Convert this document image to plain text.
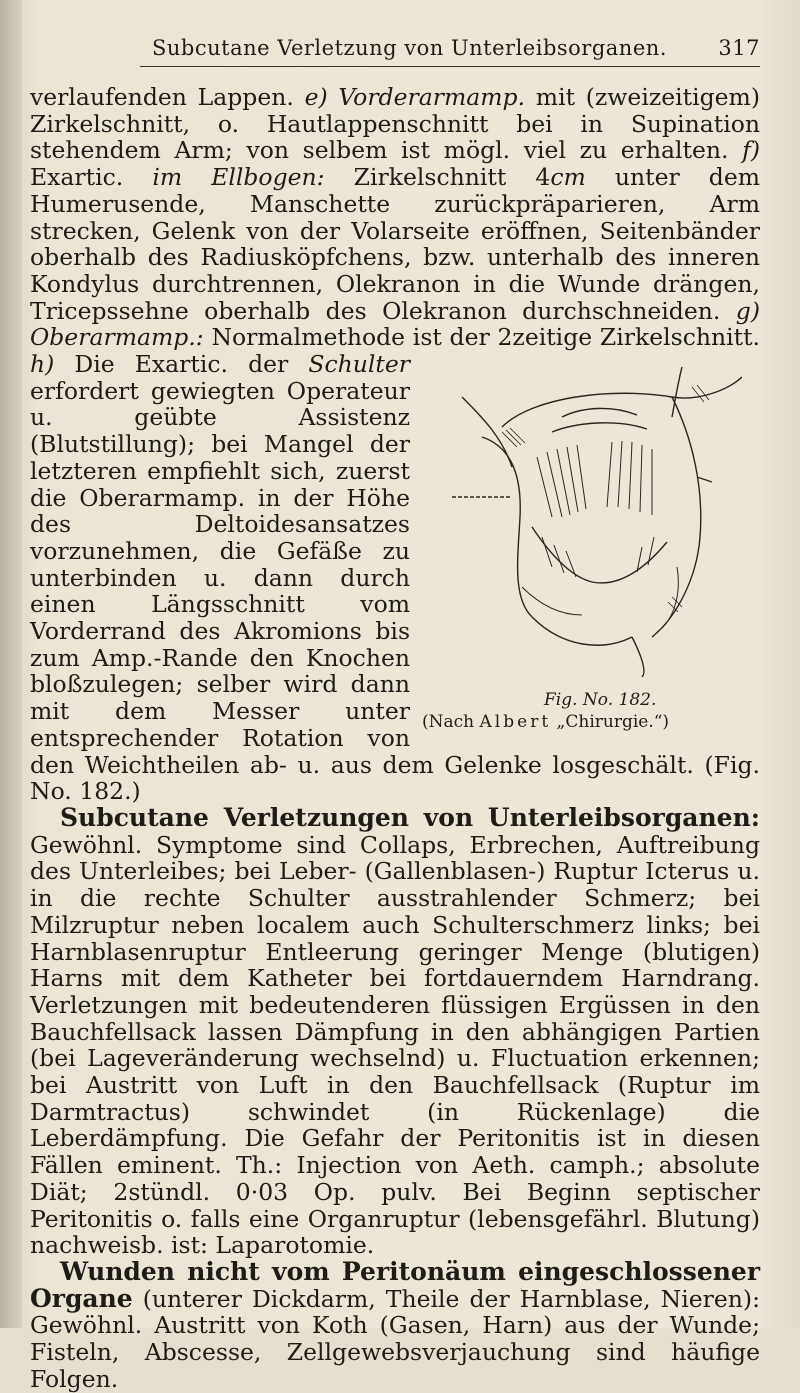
Subcutane Verletzung von Unterleibsorganen. 317

verlaufenden Lappen. e) Vorderarmamp. mit (zweizeitigem) Zirkelschnitt, o. Hautlappenschnitt bei in Supination stehendem Arm; von selbem ist mögl. viel zu erhalten. f) Exartic. im Ellbogen: Zirkelschnitt 4cm unter dem Humerusende, Manschette zurückpräparieren, Arm strecken, Gelenk von der Volarseite eröffnen, Seitenbänder oberhalb des Radiusköpfchens, bzw. unterhalb des inneren Kondylus durchtrennen, Olekranon in die Wunde drängen, Tricepssehne oberhalb des Olekranon durchschneiden. g) Oberarmamp.: Normalmethode ist der 2zeitige Zirkelschnitt. h) Die Exartic. der
Fig. No. 182.
(Nach Albert „Chirurgie.“)
Schulter erfordert gewiegten Operateur u. geübte Assistenz (Blutstillung); bei Mangel der letzteren empfiehlt sich, zuerst die Oberarmamp. in der Höhe des Deltoidesansatzes vorzunehmen, die Gefäße zu unterbinden u. dann durch einen Längsschnitt vom Vorderrand des Akromions bis zum Amp.-Rande den Knochen bloßzulegen; selber wird dann mit dem Messer unter entsprechender Rotation von den Weichtheilen ab- u. aus dem Gelenke losgeschält. (Fig. No. 182.)

Subcutane Verletzungen von Unterleibsorganen: Gewöhnl. Symptome sind Collaps, Erbrechen, Auftreibung des Unterleibes; bei Leber- (Gallenblasen-) Ruptur Icterus u. in die rechte Schulter ausstrahlender Schmerz; bei Milzruptur neben localem auch Schulterschmerz links; bei Harnblasenruptur Entleerung geringer Menge (blutigen) Harns mit dem Katheter bei fortdauerndem Harndrang. Verletzungen mit bedeutenderen flüssigen Ergüssen in den Bauchfellsack lassen Dämpfung in den abhängigen Partien (bei Lageveränderung wechselnd) u. Fluctuation erkennen; bei Austritt von Luft in den Bauchfellsack (Ruptur im Darmtractus) schwindet (in Rückenlage) die Leberdämpfung. Die Gefahr der Peritonitis ist in diesen Fällen eminent. Th.: Injection von Aeth. camph.; absolute Diät; 2stündl. 0·03 Op. pulv. Bei Beginn septischer Peritonitis o. falls eine Organruptur (lebensgefährl. Blutung) nachweisb. ist: Laparotomie.

Wunden nicht vom Peritonäum eingeschlossener Organe (unterer Dickdarm, Theile der Harnblase, Nieren): Gewöhnl. Austritt von Koth (Gasen, Harn) aus der Wunde; Fisteln, Abscesse, Zellgewebsverjauchung sind häufige Folgen.
